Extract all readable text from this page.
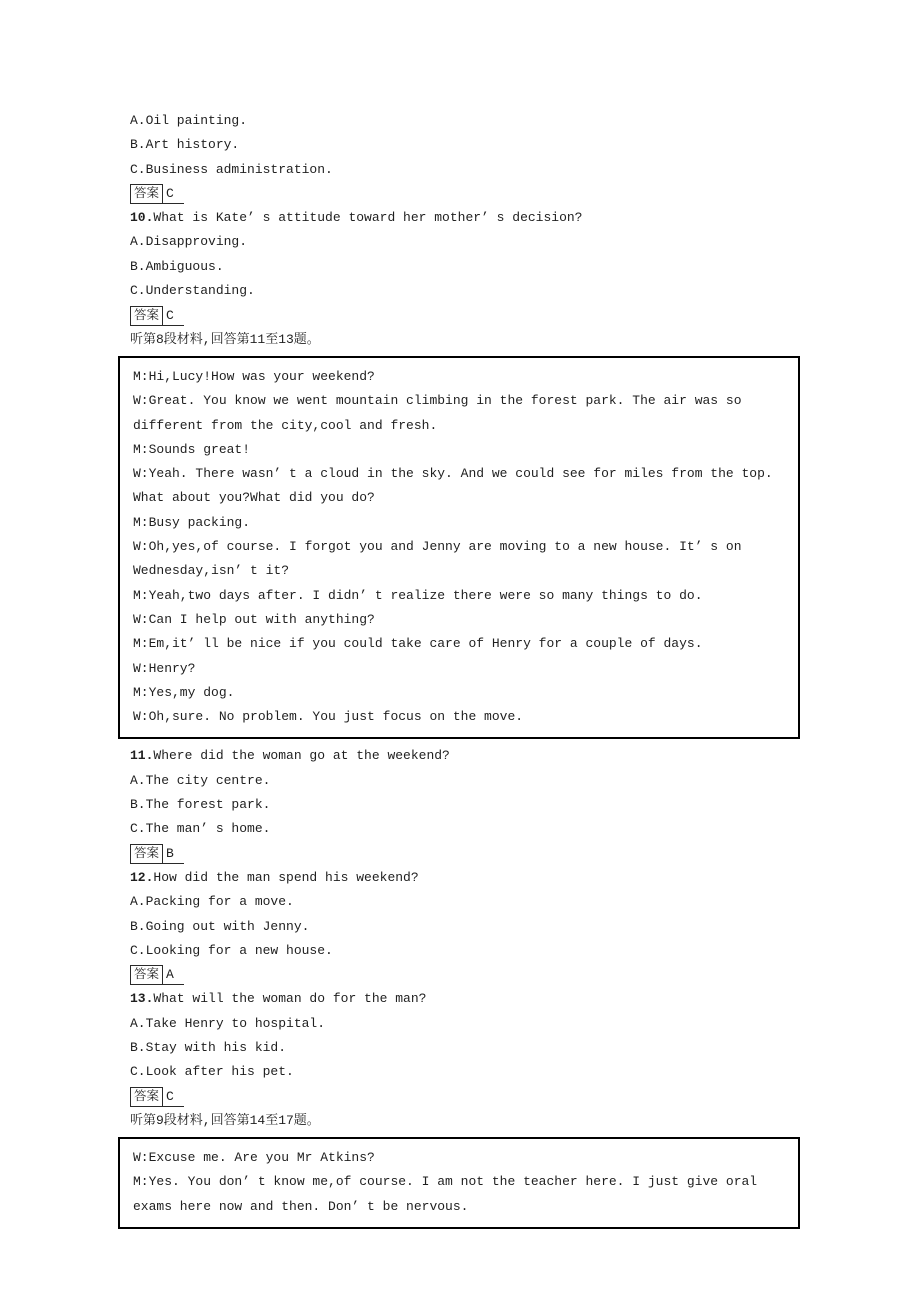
A.Oil painting.
B.Art history.
C.Business administration.
答案 C
10.What is Kate’ s attitude toward her mother’ s decision?
A.Disapproving.
B.Ambiguous.
C.Understanding.
答案 C
听第8段材料,回答第11至13题。

M:Hi,Lucy!How was your weekend?

W:Great. You know we went mountain climbing in the forest park. The air was so different from the city,cool and fresh.

M:Sounds great!

W:Yeah. There wasn’ t a cloud in the sky. And we could see for miles from the top. What about you?What did you do?

M:Busy packing.

W:Oh,yes,of course. I forgot you and Jenny are moving to a new house. It’ s on Wednesday,isn’ t it?

M:Yeah,two days after. I didn’ t realize there were so many things to do.

W:Can I help out with anything?

M:Em,it’ ll be nice if you could take care of Henry for a couple of days.

W:Henry?

M:Yes,my dog.

W:Oh,sure. No problem. You just focus on the move.

11.Where did the woman go at the weekend?
A.The city centre.
B.The forest park.
C.The man’ s home.
答案 B
12.How did the man spend his weekend?
A.Packing for a move.
B.Going out with Jenny.
C.Looking for a new house.
答案 A
13.What will the woman do for the man?
A.Take Henry to hospital.
B.Stay with his kid.
C.Look after his pet.
答案 C
听第9段材料,回答第14至17题。

W:Excuse me. Are you Mr Atkins?

M:Yes. You don’ t know me,of course. I am not the teacher here. I just give oral exams here now and then. Don’ t be nervous.
